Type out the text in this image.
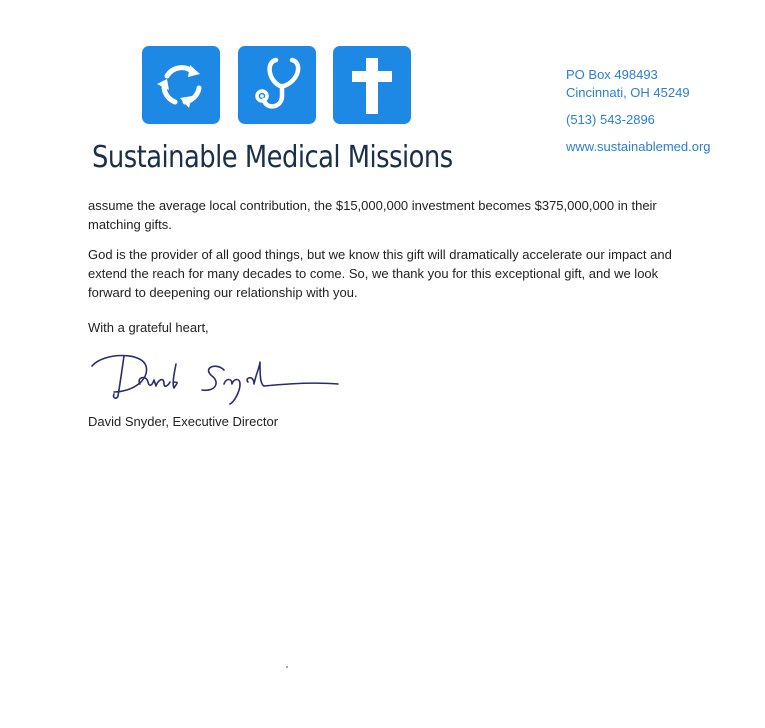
Sustainable Medical Missions
PO Box 498493
Cincinnati, OH 45249
(513) 543-2896
www.sustainablemed.org

assume the average local contribution, the $15,000,000 investment becomes $375,000,000 in their
matching gifts.

God is the provider of all good things, but we know this gift will dramatically accelerate our impact and
extend the reach for many decades to come. So, we thank you for this exceptional gift, and we look
forward to deepening our relationship with you.

With a grateful heart,
David Snyder, Executive Director
